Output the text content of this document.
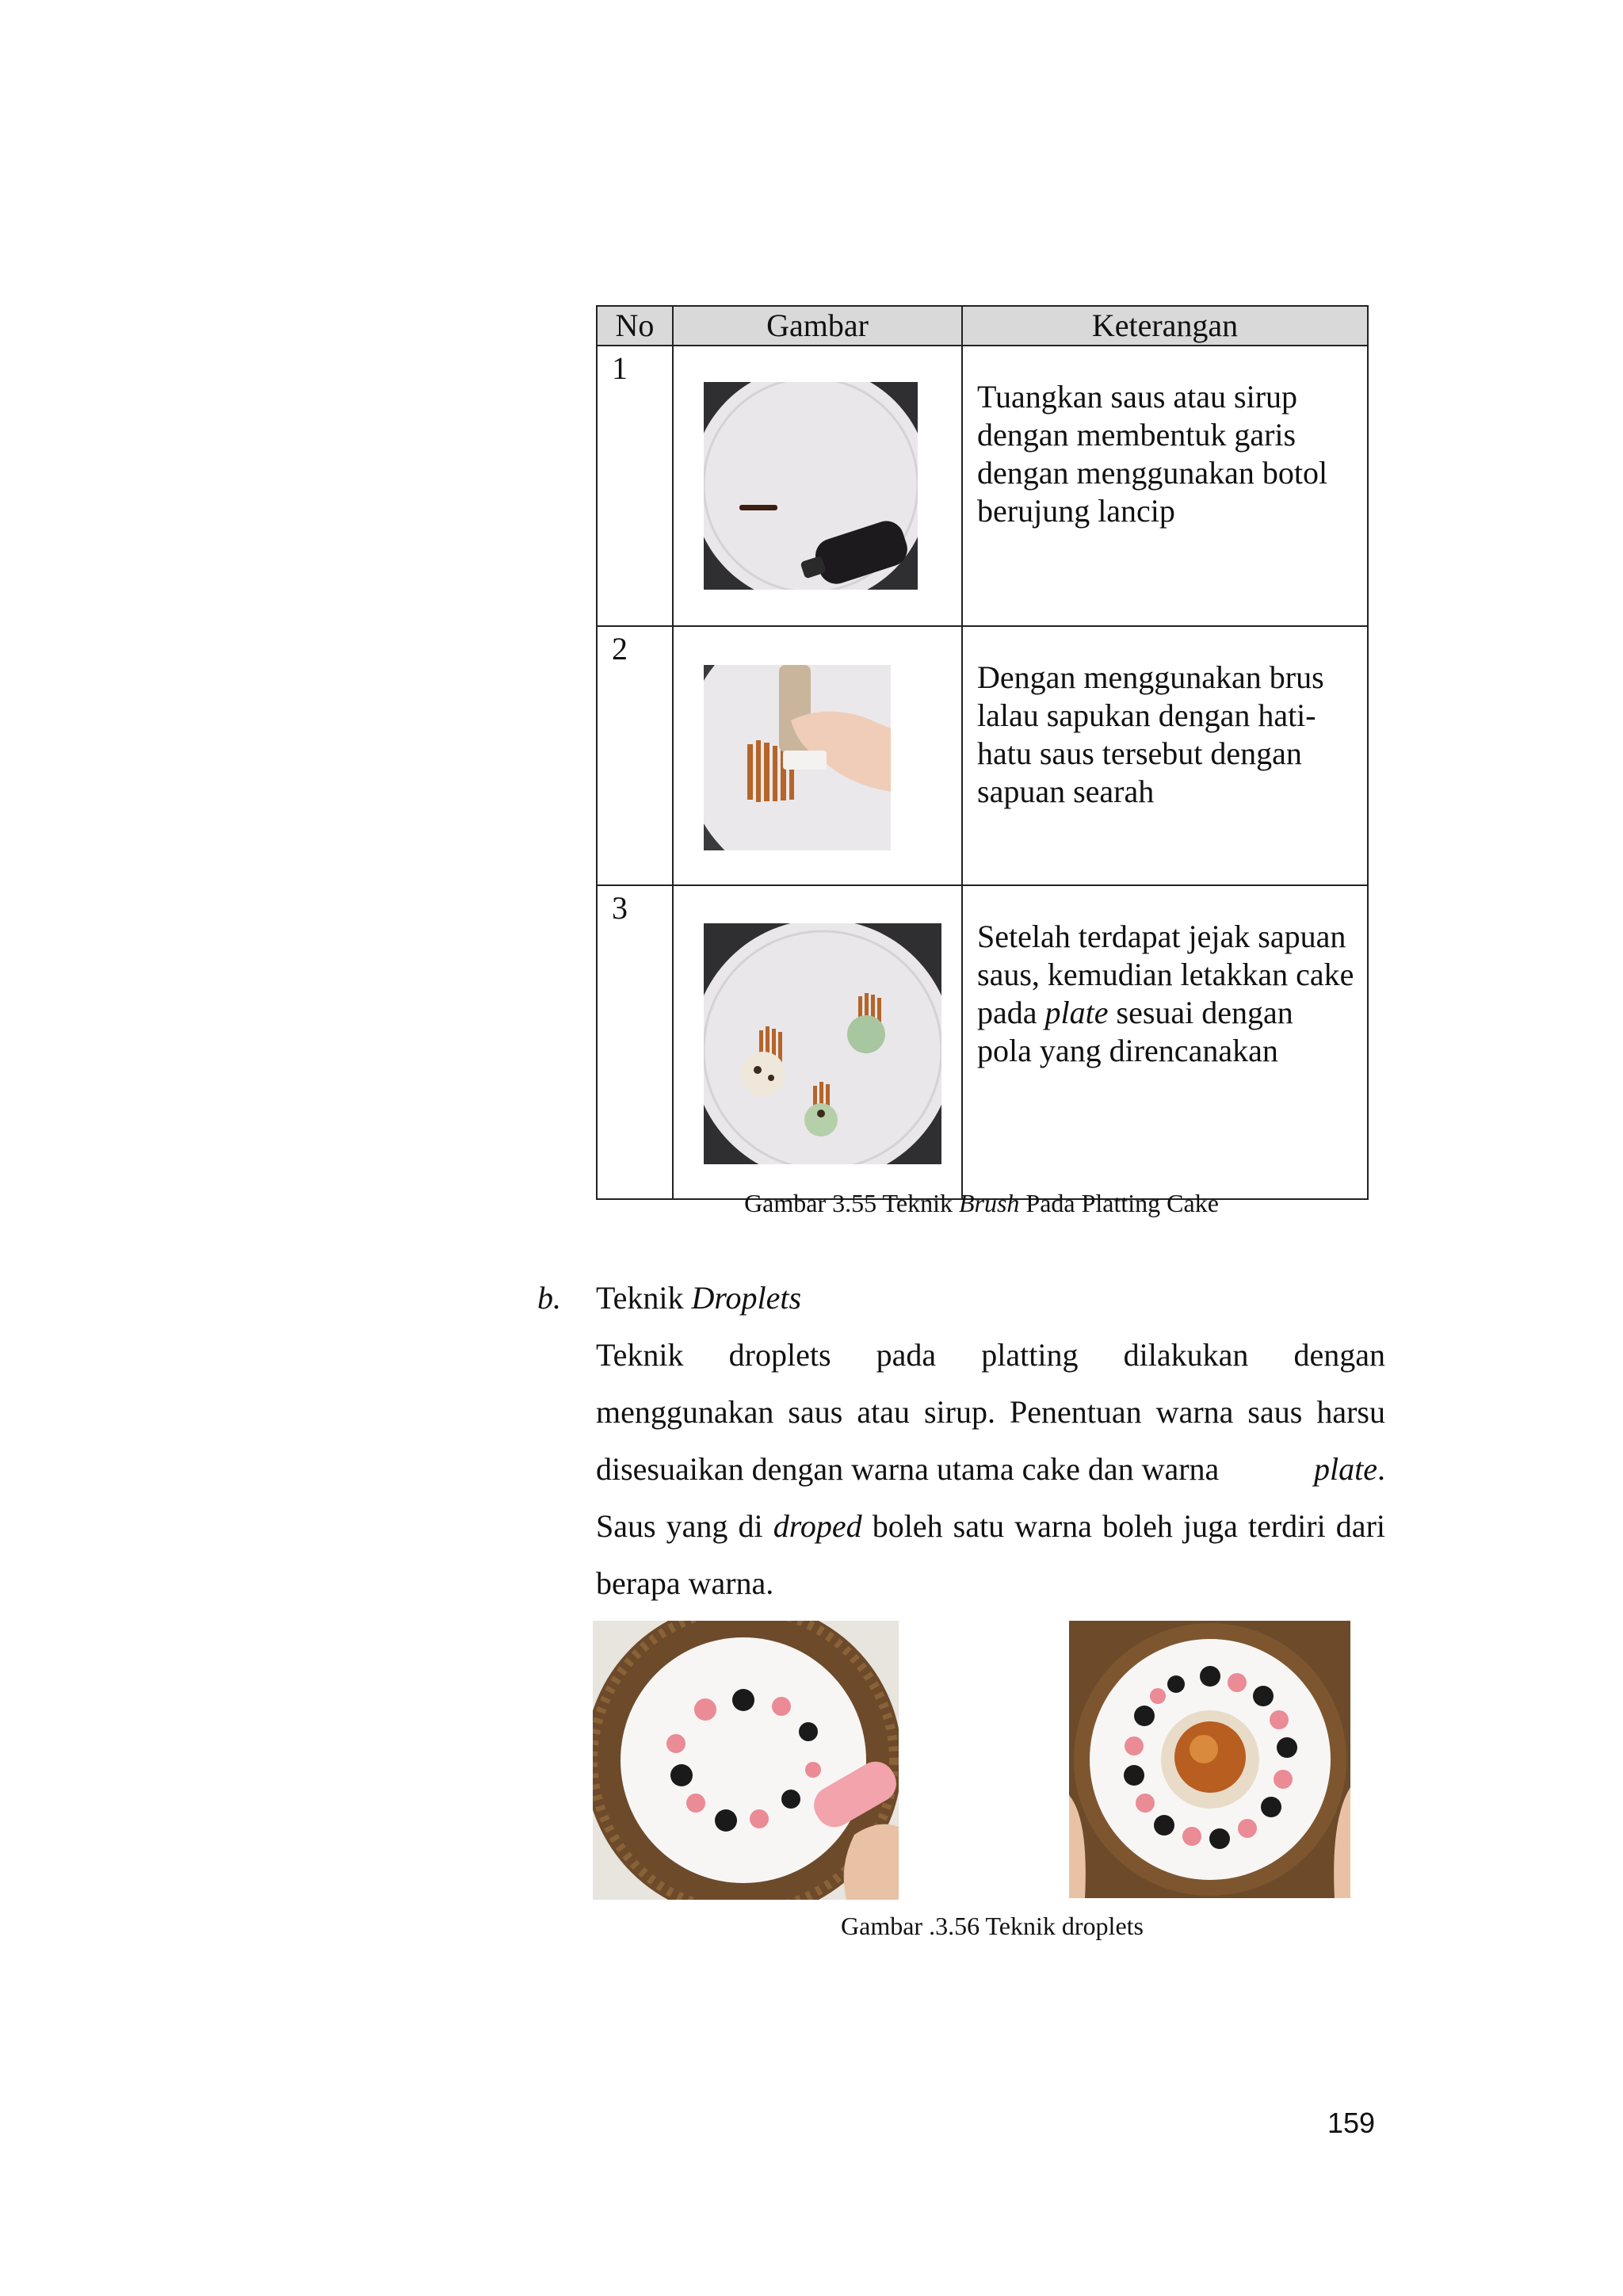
No	Gambar	Keterangan
1		Tuangkan saus atau sirup dengan membentuk garis dengan menggunakan botol berujung lancip
2		Dengan menggunakan brus lalau sapukan dengan hati-hatu saus tersebut dengan sapuan searah
3		Setelah terdapat jejak sapuan saus, kemudian letakkan cake pada plate sesuai dengan pola yang direncanakan
Gambar 3.55 Teknik Brush Pada Platting Cake
b. Teknik Droplets
Teknik droplets pada platting dilakukan dengan
menggunakan saus atau sirup. Penentuan warna saus harsu
disesuaikan dengan warna utama cake dan warna	plate.
Saus yang di droped boleh satu warna boleh juga terdiri dari
berapa warna.
Gambar .3.56 Teknik droplets
159
